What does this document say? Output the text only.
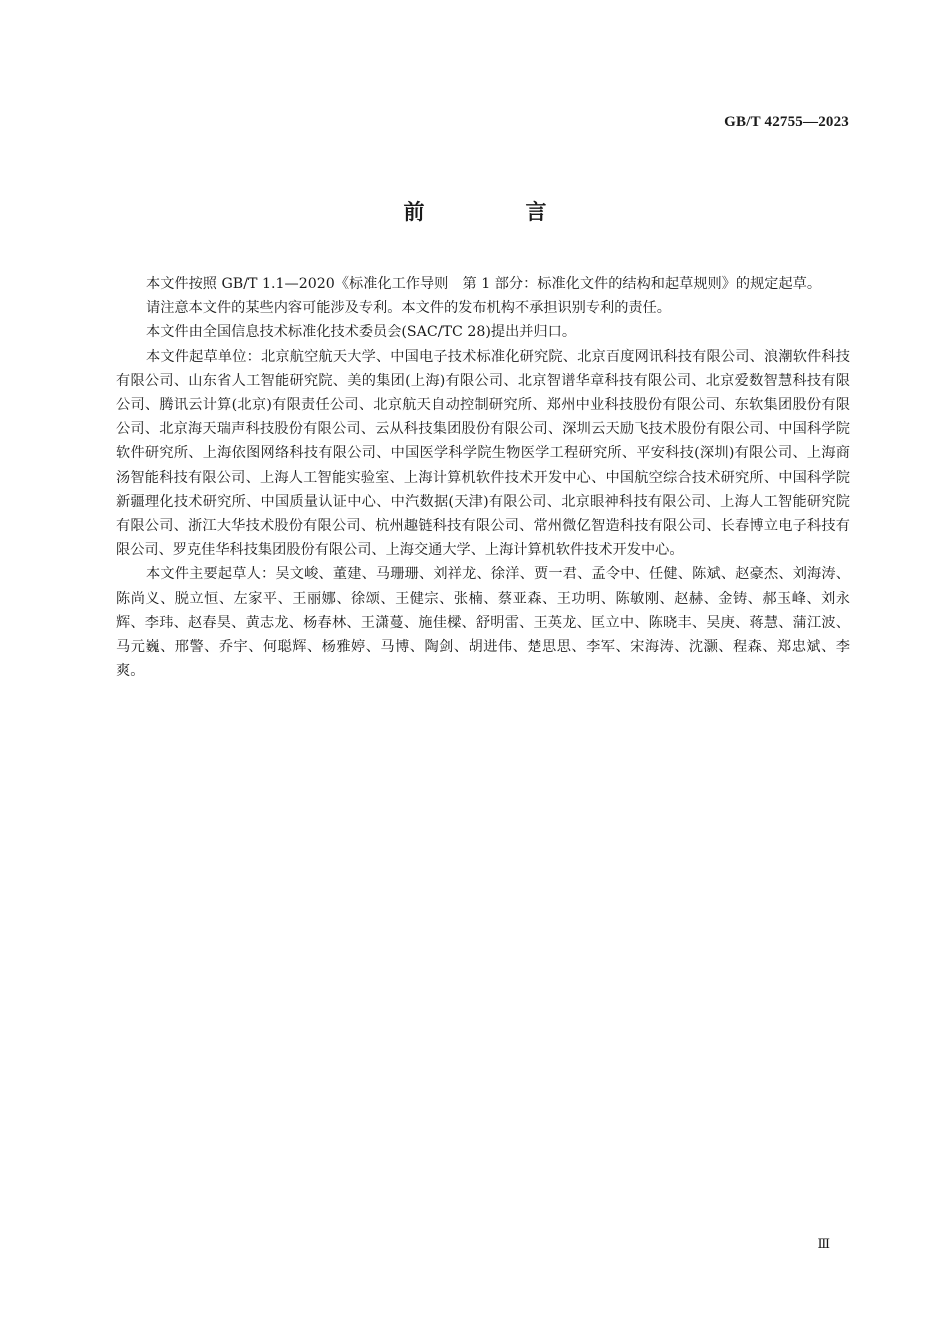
GB/T 42755—2023
前　言

本文件按照 GB/T 1.1—2020《标准化工作导则　第 1 部分：标准化文件的结构和起草规则》的规定起草。

请注意本文件的某些内容可能涉及专利。本文件的发布机构不承担识别专利的责任。

本文件由全国信息技术标准化技术委员会(SAC/TC 28)提出并归口。

本文件起草单位：北京航空航天大学、中国电子技术标准化研究院、北京百度网讯科技有限公司、浪潮软件科技有限公司、山东省人工智能研究院、美的集团(上海)有限公司、北京智谱华章科技有限公司、北京爱数智慧科技有限公司、腾讯云计算(北京)有限责任公司、北京航天自动控制研究所、郑州中业科技股份有限公司、东软集团股份有限公司、北京海天瑞声科技股份有限公司、云从科技集团股份有限公司、深圳云天励飞技术股份有限公司、中国科学院软件研究所、上海依图网络科技有限公司、中国医学科学院生物医学工程研究所、平安科技(深圳)有限公司、上海商汤智能科技有限公司、上海人工智能实验室、上海计算机软件技术开发中心、中国航空综合技术研究所、中国科学院新疆理化技术研究所、中国质量认证中心、中汽数据(天津)有限公司、北京眼神科技有限公司、上海人工智能研究院有限公司、浙江大华技术股份有限公司、杭州趣链科技有限公司、常州微亿智造科技有限公司、长春博立电子科技有限公司、罗克佳华科技集团股份有限公司、上海交通大学、上海计算机软件技术开发中心。

本文件主要起草人：吴文峻、董建、马珊珊、刘祥龙、徐洋、贾一君、孟令中、任健、陈斌、赵豪杰、刘海涛、陈尚义、脱立恒、左家平、王丽娜、徐颂、王健宗、张楠、蔡亚森、王功明、陈敏刚、赵赫、金铸、郝玉峰、刘永辉、李玮、赵春昊、黄志龙、杨春林、王潇蔓、施佳樑、舒明雷、王英龙、匡立中、陈晓丰、吴庚、蒋慧、蒲江波、马元巍、邢警、乔宇、何聪辉、杨雅婷、马博、陶剑、胡进伟、楚思思、李军、宋海涛、沈灏、程森、郑忠斌、李爽。

Ⅲ
